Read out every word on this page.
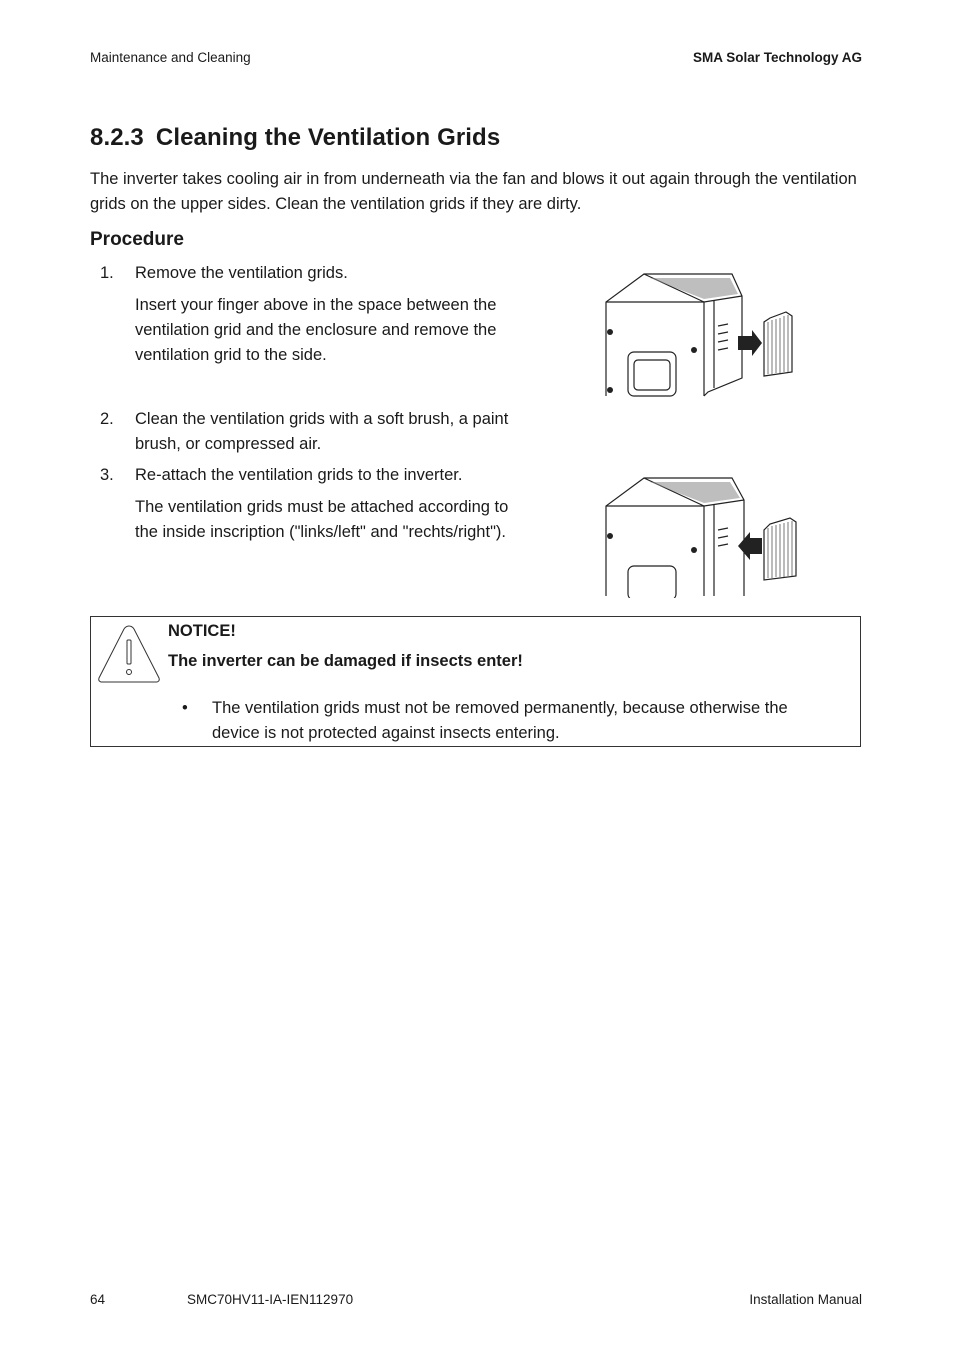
Maintenance and Cleaning	SMA Solar Technology AG
8.2.3 Cleaning the Ventilation Grids

The inverter takes cooling air in from underneath via the fan and blows it out again through the ventilation grids on the upper sides. Clean the ventilation grids if they are dirty.

Procedure
1. Remove the ventilation grids.

Insert your finger above in the space between the ventilation grid and the enclosure and remove the ventilation grid to the side.

2. Clean the ventilation grids with a soft brush, a paint brush, or compressed air.
3. Re-attach the ventilation grids to the inverter.

The ventilation grids must be attached according to the inside inscription ("links/left" and "rechts/right").

NOTICE!
The inverter can be damaged if insects enter!
• The ventilation grids must not be removed permanently, because otherwise the device is not protected against insects entering.
64	SMC70HV11-IA-IEN112970	Installation Manual
